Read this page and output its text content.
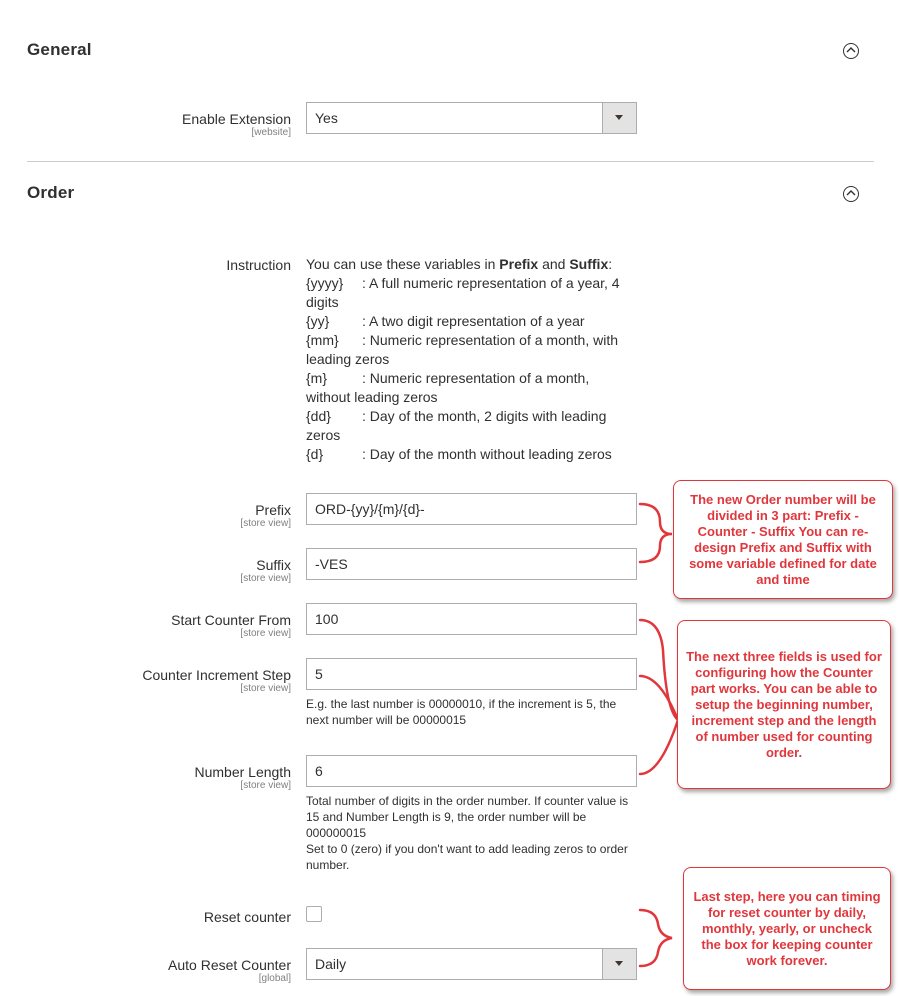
General
Enable Extension
[website]
Yes
Order
Instruction You can use these variables in Prefix and Suffix:
{yyyy} : A full numeric representation of a year, 4 digits
{yy} : A two digit representation of a year
{mm} : Numeric representation of a month, with leading zeros
{m} : Numeric representation of a month, without leading zeros
{dd} : Day of the month, 2 digits with leading zeros
{d}	: Day of the month without leading zeros
Prefix
[store view]
ORD-{yy}/{m}/{d}-
Suffix
[store view]
-VES
Start Counter From
[store view]
100
Counter Increment Step
[store view]
5
E.g. the last number is 00000010, if the increment is 5, the next number will be 00000015
Number Length
[store view]
6
Total number of digits in the order number. If counter value is 15 and Number Length is 9, the order number will be 000000015
Set to 0 (zero) if you don't want to add leading zeros to order number.
Reset counter
Auto Reset Counter
[global]
Daily
The new Order number will be divided in 3 part: Prefix - Counter - Suffix You can re-design Prefix and Suffix with some variable defined for date and time
The next three fields is used for configuring how the Counter part works. You can be able to setup the beginning number, increment step and the length of number used for counting order.
Last step, here you can timing for reset counter by daily, monthly, yearly, or uncheck the box for keeping counter work forever.
